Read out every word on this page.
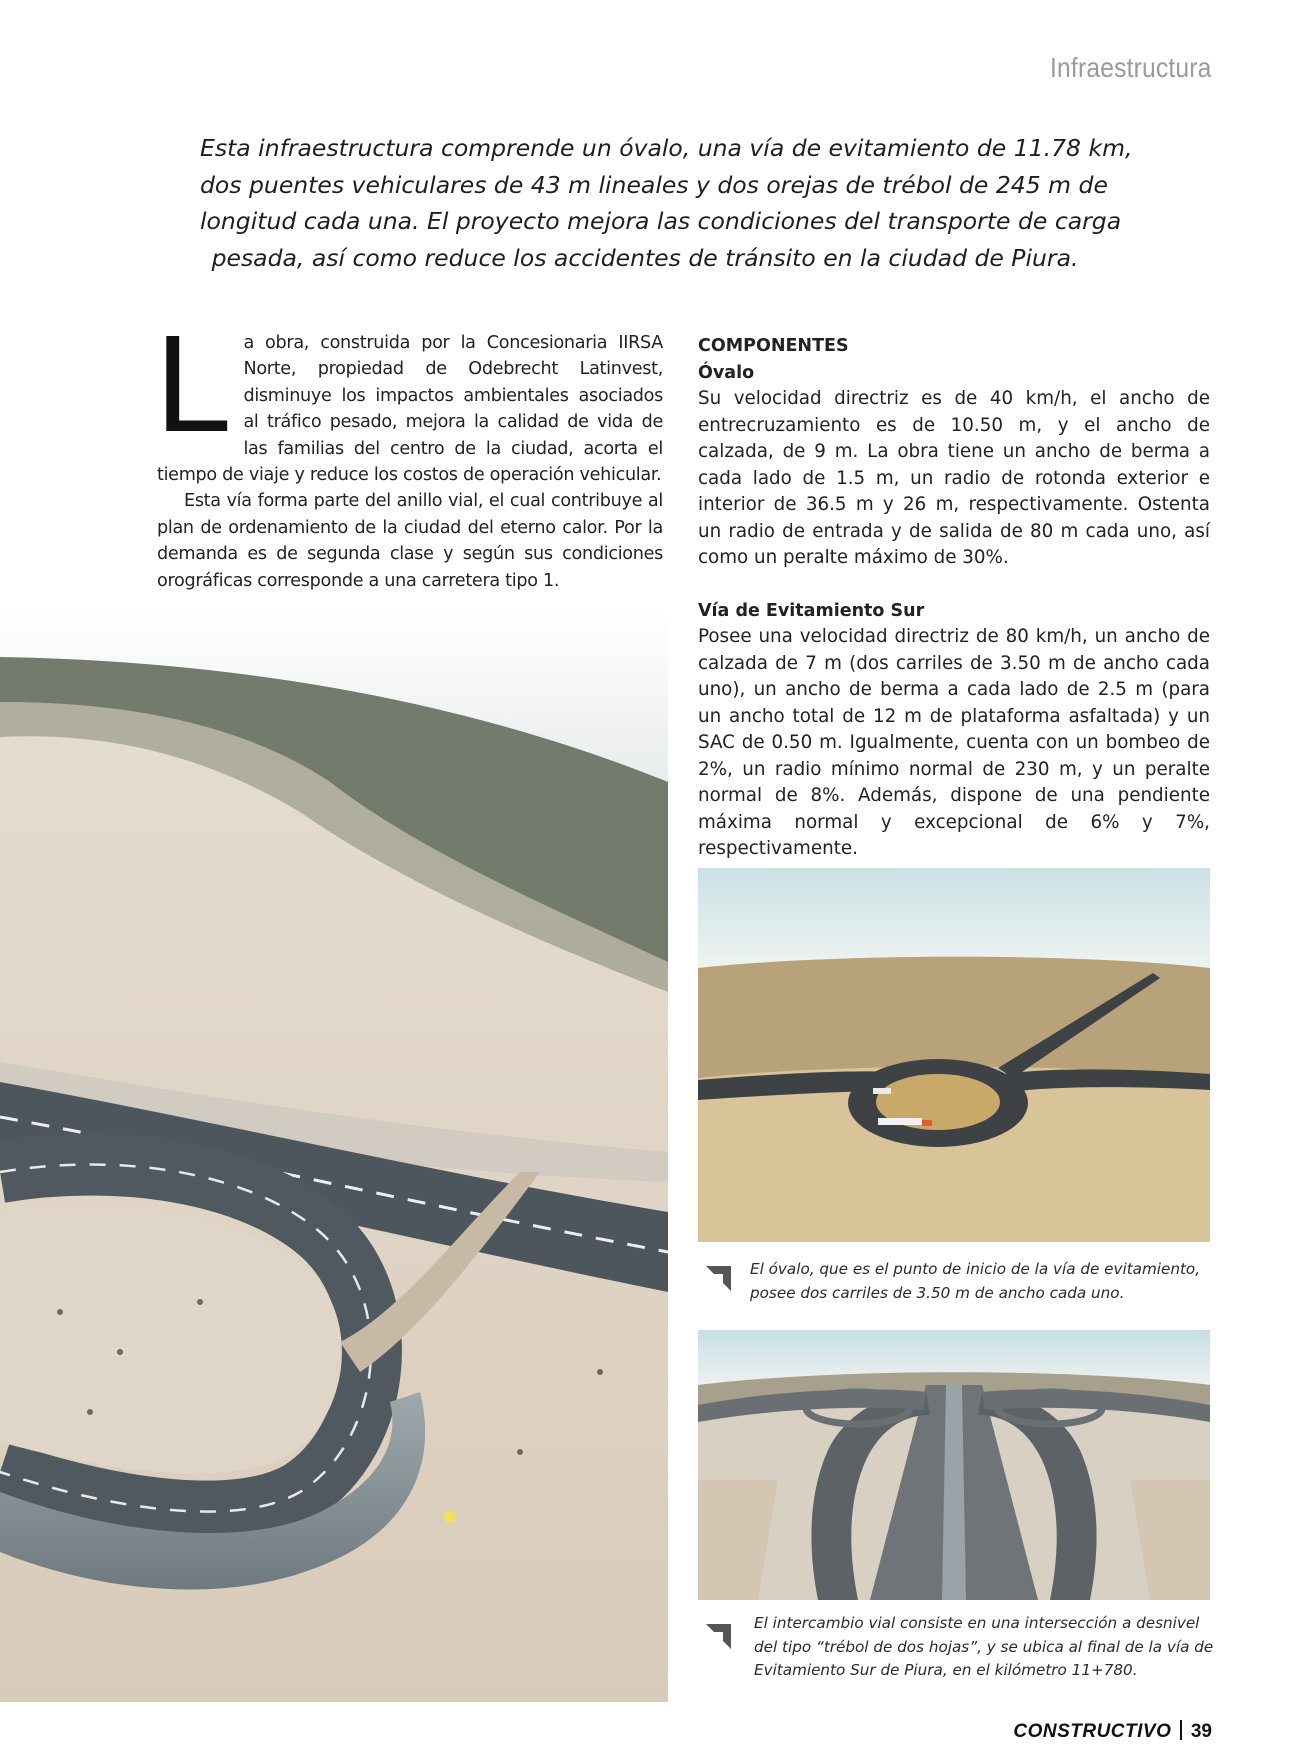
Infraestructura
Esta infraestructura comprende un óvalo, una vía de evitamiento de 11.78 km,
dos puentes vehiculares de 43 m lineales y dos orejas de trébol de 245 m de
longitud cada una. El proyecto mejora las condiciones del transporte de carga
pesada, así como reduce los accidentes de tránsito en la ciudad de Piura.

La obra, construida por la Concesionaria IIRSA Norte, propiedad de Odebrecht Latinvest, disminuye los impactos ambientales asociados al tráfico pesado, mejora la calidad de vida de las familias del centro de la ciudad, acorta el tiempo de viaje y reduce los costos de operación vehicular.

Esta vía forma parte del anillo vial, el cual contribuye al plan de ordenamiento de la ciudad del eterno calor. Por la demanda es de segunda clase y según sus condiciones orográficas corresponde a una carretera tipo 1.

COMPONENTES
Óvalo

Su velocidad directriz es de 40 km/h, el ancho de entrecruzamiento es de 10.50 m, y el ancho de calzada, de 9 m. La obra tiene un ancho de berma a cada lado de 1.5 m, un radio de rotonda exterior e interior de 36.5 m y 26 m, respectivamente. Ostenta un radio de entrada y de salida de 80 m cada uno, así como un peralte máximo de 30%.

Vía de Evitamiento Sur

Posee una velocidad directriz de 80 km/h, un ancho de calzada de 7 m (dos carriles de 3.50 m de ancho cada uno), un ancho de berma a cada lado de 2.5 m (para un ancho total de 12 m de plataforma asfaltada) y un SAC de 0.50 m. Igualmente, cuenta con un bombeo de 2%, un radio mínimo normal de 230 m, y un peralte normal de 8%. Además, dispone de una pendiente máxima normal y excepcional de 6% y 7%, respectivamente.

El óvalo, que es el punto de inicio de la vía de evitamiento,
posee dos carriles de 3.50 m de ancho cada uno.
El intercambio vial consiste en una intersección a desnivel
del tipo “trébol de dos hojas”, y se ubica al final de la vía de
Evitamiento Sur de Piura, en el kilómetro 11+780.
CONSTRUCTIVO 39
